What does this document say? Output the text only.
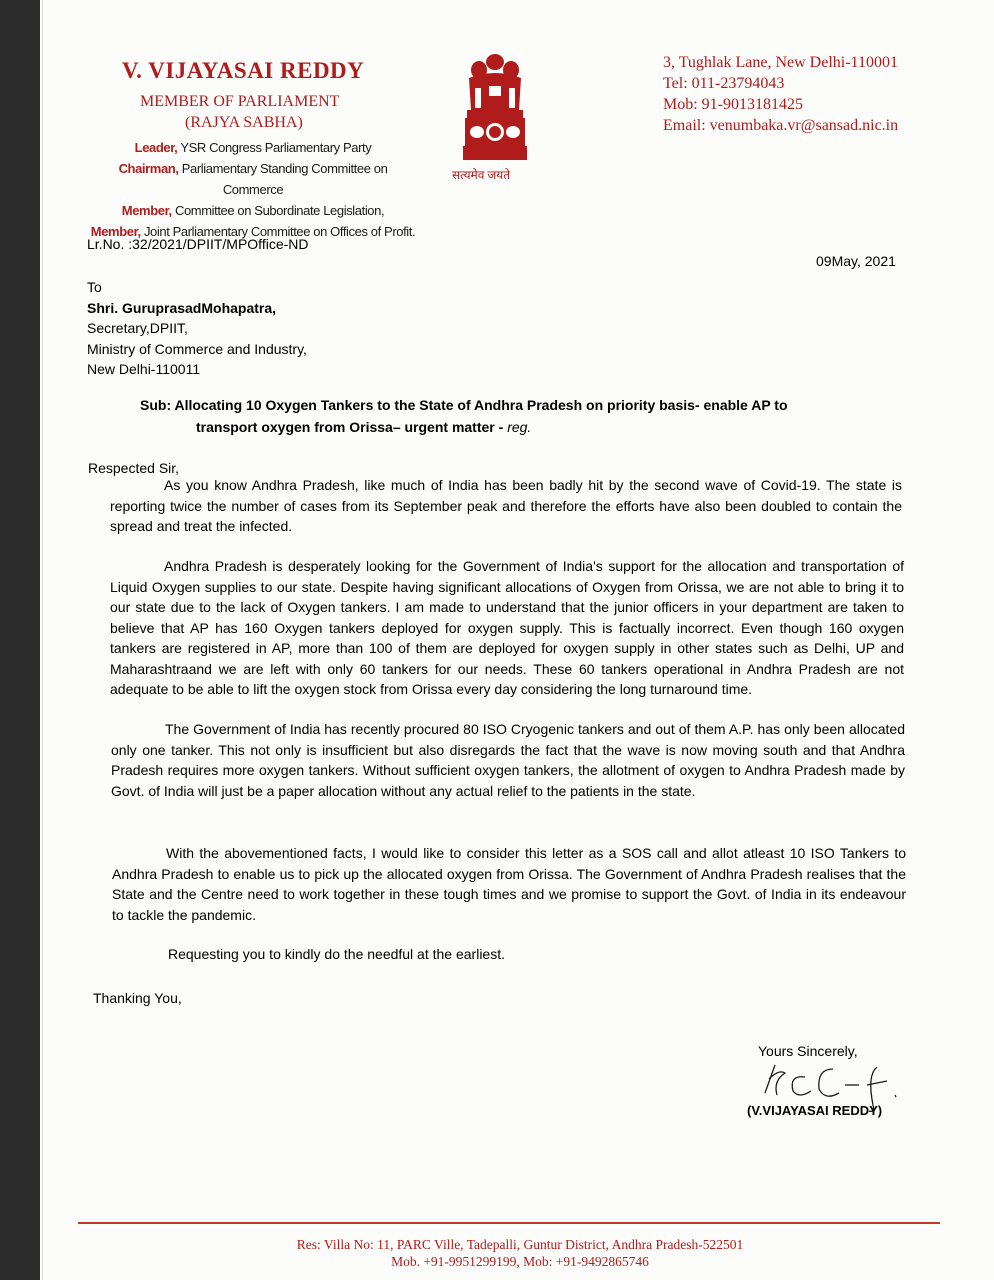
V. VIJAYASAI REDDY
MEMBER OF PARLIAMENT
(RAJYA SABHA)
Leader, YSR Congress Parliamentary Party
Chairman, Parliamentary Standing Committee on Commerce
Member, Committee on Subordinate Legislation,
Member, Joint Parliamentary Committee on Offices of Profit.
सत्यमेव जयते
3, Tughlak Lane, New Delhi-110001
Tel: 011-23794043
Mob: 91-9013181425
Email: venumbaka.vr@sansad.nic.in
Lr.No. :32/2021/DPIIT/MPOffice-ND
09May, 2021
To
Shri. GuruprasadMohapatra,
Secretary,DPIIT,
Ministry of Commerce and Industry,
New Delhi-110011
Sub: Allocating 10 Oxygen Tankers to the State of Andhra Pradesh on priority basis- enable AP to
transport oxygen from Orissa– urgent matter - reg.
Respected Sir,
As you know Andhra Pradesh, like much of India has been badly hit by the second wave of Covid-19. The state is reporting twice the number of cases from its September peak and therefore the efforts have also been doubled to contain the spread and treat the infected.
Andhra Pradesh is desperately looking for the Government of India's support for the allocation and transportation of Liquid Oxygen supplies to our state. Despite having significant allocations of Oxygen from Orissa, we are not able to bring it to our state due to the lack of Oxygen tankers. I am made to understand that the junior officers in your department are taken to believe that AP has 160 Oxygen tankers deployed for oxygen supply. This is factually incorrect. Even though 160 oxygen tankers are registered in AP, more than 100 of them are deployed for oxygen supply in other states such as Delhi, UP and Maharashtraand we are left with only 60 tankers for our needs. These 60 tankers operational in Andhra Pradesh are not adequate to be able to lift the oxygen stock from Orissa every day considering the long turnaround time.
The Government of India has recently procured 80 ISO Cryogenic tankers and out of them A.P. has only been allocated only one tanker. This not only is insufficient but also disregards the fact that the wave is now moving south and that Andhra Pradesh requires more oxygen tankers. Without sufficient oxygen tankers, the allotment of oxygen to Andhra Pradesh made by Govt. of India will just be a paper allocation without any actual relief to the patients in the state.
With the abovementioned facts, I would like to consider this letter as a SOS call and allot atleast 10 ISO Tankers to Andhra Pradesh to enable us to pick up the allocated oxygen from Orissa. The Government of Andhra Pradesh realises that the State and the Centre need to work together in these tough times and we promise to support the Govt. of India in its endeavour to tackle the pandemic.
Requesting you to kindly do the needful at the earliest.
Thanking You,
Yours Sincerely,
(V.VIJAYASAI REDDY)
Res: Villa No: 11, PARC Ville, Tadepalli, Guntur District, Andhra Pradesh-522501
Mob. +91-9951299199, Mob: +91-9492865746
